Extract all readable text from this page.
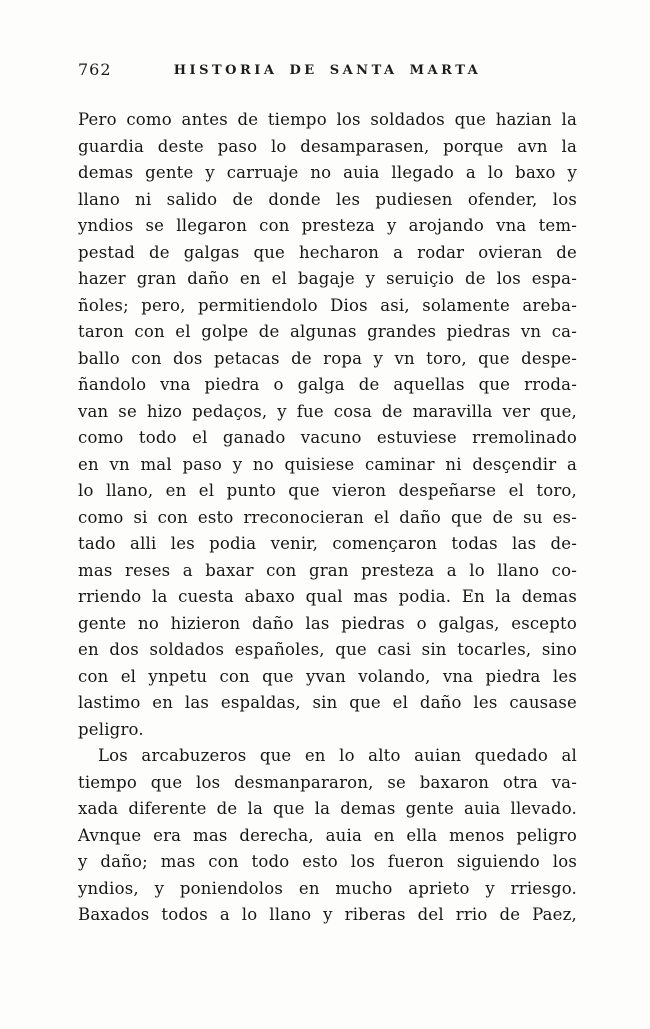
762	HISTORIA DE SANTA MARTA
Pero como antes de tiempo los soldados que hazian la
guardia deste paso lo desamparasen, porque avn la
demas gente y carruaje no auia llegado a lo baxo y
llano ni salido de donde les pudiesen ofender, los
yndios se llegaron con presteza y arojando vna tem-
pestad de galgas que hecharon a rodar ovieran de
hazer gran daño en el bagaje y seruiçio de los espa-
ñoles; pero, permitiendolo Dios asi, solamente areba-
taron con el golpe de algunas grandes piedras vn ca-
ballo con dos petacas de ropa y vn toro, que despe-
ñandolo vna piedra o galga de aquellas que rroda-
van se hizo pedaços, y fue cosa de maravilla ver que,
como todo el ganado vacuno estuviese rremolinado
en vn mal paso y no quisiese caminar ni desçendir a
lo llano, en el punto que vieron despeñarse el toro,
como si con esto rreconocieran el daño que de su es-
tado alli les podia venir, començaron todas las de-
mas reses a baxar con gran presteza a lo llano co-
rriendo la cuesta abaxo qual mas podia. En la demas
gente no hizieron daño las piedras o galgas, escepto
en dos soldados españoles, que casi sin tocarles, sino
con el ynpetu con que yvan volando, vna piedra les
lastimo en las espaldas, sin que el daño les causase
peligro.
Los arcabuzeros que en lo alto auian quedado al
tiempo que los desmanpararon, se baxaron otra va-
xada diferente de la que la demas gente auia llevado.
Avnque era mas derecha, auia en ella menos peligro
y daño; mas con todo esto los fueron siguiendo los
yndios, y poniendolos en mucho aprieto y rriesgo.
Baxados todos a lo llano y riberas del rrio de Paez,
